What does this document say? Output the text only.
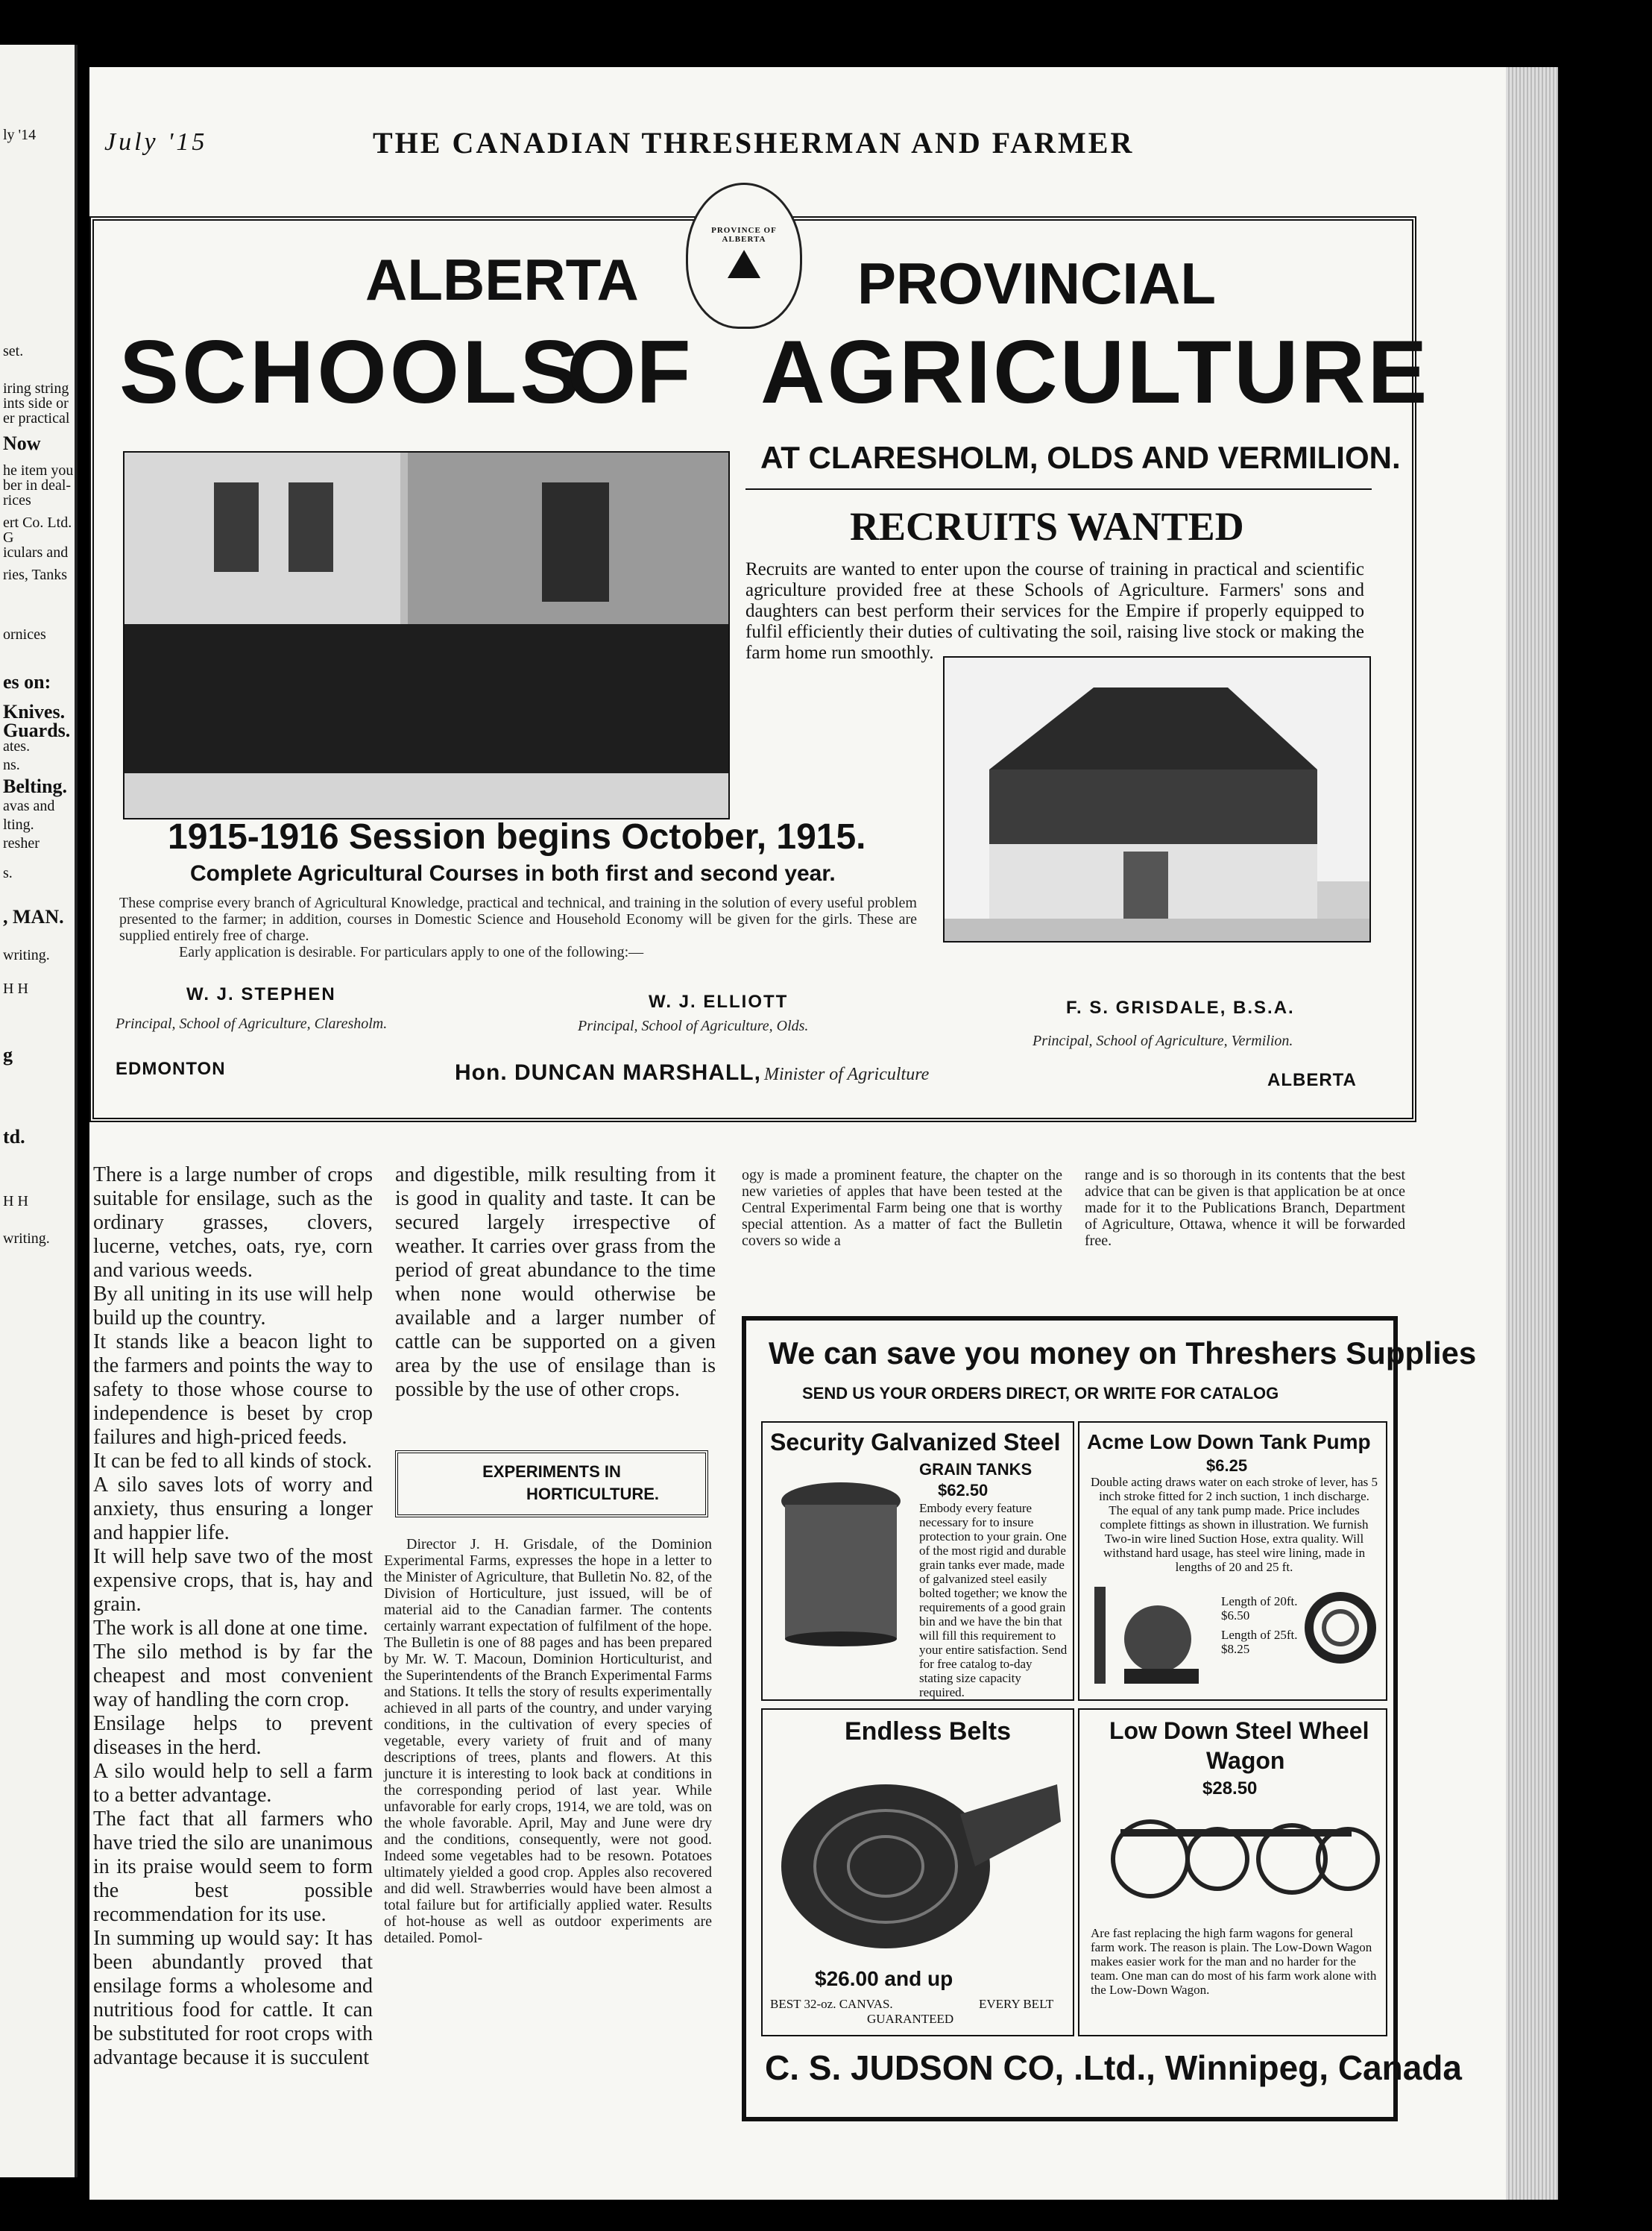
ly '14
set.
iring string
ints side or
er practical
Now
he item you
ber in deal-
rices
ert Co. Ltd.
G
iculars and
ries, Tanks
ornices
es on:
Knives.
Guards.
ates.
ns.
Belting.
avas and
lting.
resher
s.
, MAN.
writing.
H H
g
td.
H H
writing.
July '15	THE CANADIAN THRESHERMAN AND FARMER
PROVINCE OF ALBERTA
⛰
ALBERTA	PROVINCIAL
SCHOOLS
OF AGRICULTURE
AT CLARESHOLM, OLDS AND VERMILION.
RECRUITS WANTED
Recruits are wanted to enter upon the course of training in practical and scientific agriculture provided free at these Schools of Agriculture. Farmers' sons and daughters can best perform their services for the Empire if properly equipped to fulfil efficiently their duties of cultivating the soil, raising live stock or making the farm home run smoothly.
1915-1916 Session begins October, 1915.
Complete Agricultural Courses in both first and second year.
These comprise every branch of Agricultural Knowledge, practical and technical, and training in the solution of every useful problem presented to the farmer; in addition, courses in Domestic Science and Household Economy will be given for the girls. These are supplied entirely free of charge.
Early application is desirable. For particulars apply to one of the following:—
W. J. STEPHEN
Principal, School of Agriculture, Claresholm.
W. J. ELLIOTT
Principal, School of Agriculture, Olds.
F. S. GRISDALE, B.S.A.
Principal, School of Agriculture, Vermilion.
EDMONTON	Hon. DUNCAN MARSHALL, Minister of Agriculture	ALBERTA
There is a large number of crops suitable for ensilage, such as the ordinary grasses, clovers, lucerne, vetches, oats, rye, corn and various weeds.
By all uniting in its use will help build up the country.
It stands like a beacon light to the farmers and points the way to safety to those whose course to independence is beset by crop failures and high-priced feeds.
It can be fed to all kinds of stock.
A silo saves lots of worry and anxiety, thus ensuring a longer and happier life.
It will help save two of the most expensive crops, that is, hay and grain.
The work is all done at one time.
The silo method is by far the cheapest and most convenient way of handling the corn crop.
Ensilage helps to prevent diseases in the herd.
A silo would help to sell a farm to a better advantage.
The fact that all farmers who have tried the silo are unanimous in its praise would seem to form the best possible recommendation for its use.
In summing up would say: It has been abundantly proved that ensilage forms a wholesome and nutritious food for cattle. It can be substituted for root crops with advantage because it is succulent
and digestible, milk resulting from it is good in quality and taste. It can be secured largely irrespective of weather. It carries over grass from the period of great abundance to the time when none would otherwise be available and a larger number of cattle can be supported on a given area by the use of ensilage than is possible by the use of other crops.
EXPERIMENTS IN
HORTICULTURE.
Director J. H. Grisdale, of the Dominion Experimental Farms, expresses the hope in a letter to the Minister of Agriculture, that Bulletin No. 82, of the Division of Horticulture, just issued, will be of material aid to the Canadian farmer. The contents certainly warrant expectation of fulfilment of the hope. The Bulletin is one of 88 pages and has been prepared by Mr. W. T. Macoun, Dominion Horticulturist, and the Superintendents of the Branch Experimental Farms and Stations. It tells the story of results experimentally achieved in all parts of the country, and under varying conditions, in the cultivation of every species of vegetable, every variety of fruit and of many descriptions of trees, plants and flowers. At this juncture it is interesting to look back at conditions in the corresponding period of last year. While unfavorable for early crops, 1914, we are told, was on the whole favorable. April, May and June were dry and the conditions, consequently, were not good. Indeed some vegetables had to be resown. Potatoes ultimately yielded a good crop. Apples also recovered and did well. Strawberries would have been almost a total failure but for artificially applied water. Results of hot-house as well as outdoor experiments are detailed. Pomol-
ogy is made a prominent feature, the chapter on the new varieties of apples that have been tested at the Central Experimental Farm being one that is worthy special attention. As a matter of fact the Bulletin covers so wide a
range and is so thorough in its contents that the best advice that can be given is that application be at once made for it to the Publications Branch, Department of Agriculture, Ottawa, whence it will be forwarded free.
We can save you money on Threshers Supplies
SEND US YOUR ORDERS DIRECT, OR WRITE FOR CATALOG
Security Galvanized Steel
GRAIN TANKS
$62.50
Embody every feature necessary for to insure protection to your grain. One of the most rigid and durable grain tanks ever made, made of galvanized steel easily bolted together; we know the requirements of a good grain bin and we have the bin that will fill this requirement to your entire satisfaction. Send for free catalog to-day stating size capacity required.
Acme Low Down Tank Pump
$6.25
Double acting draws water on each stroke of lever, has 5 inch stroke fitted for 2 inch suction, 1 inch discharge. The equal of any tank pump made. Price includes complete fittings as shown in illustration. We furnish Two-in wire lined Suction Hose, extra quality. Will withstand hard usage, has steel wire lining, made in lengths of 20 and 25 ft.
Length of 20ft. $6.50
Length of 25ft. $8.25
Endless Belts
$26.00 and up
BEST 32-oz. CANVAS.	EVERY BELT
GUARANTEED
Low Down Steel Wheel
Wagon
$28.50
Are fast replacing the high farm wagons for general farm work. The reason is plain. The Low-Down Wagon makes easier work for the man and no harder for the team. One man can do most of his farm work alone with the Low-Down Wagon.
C. S. JUDSON CO, .Ltd., Winnipeg, Canada
